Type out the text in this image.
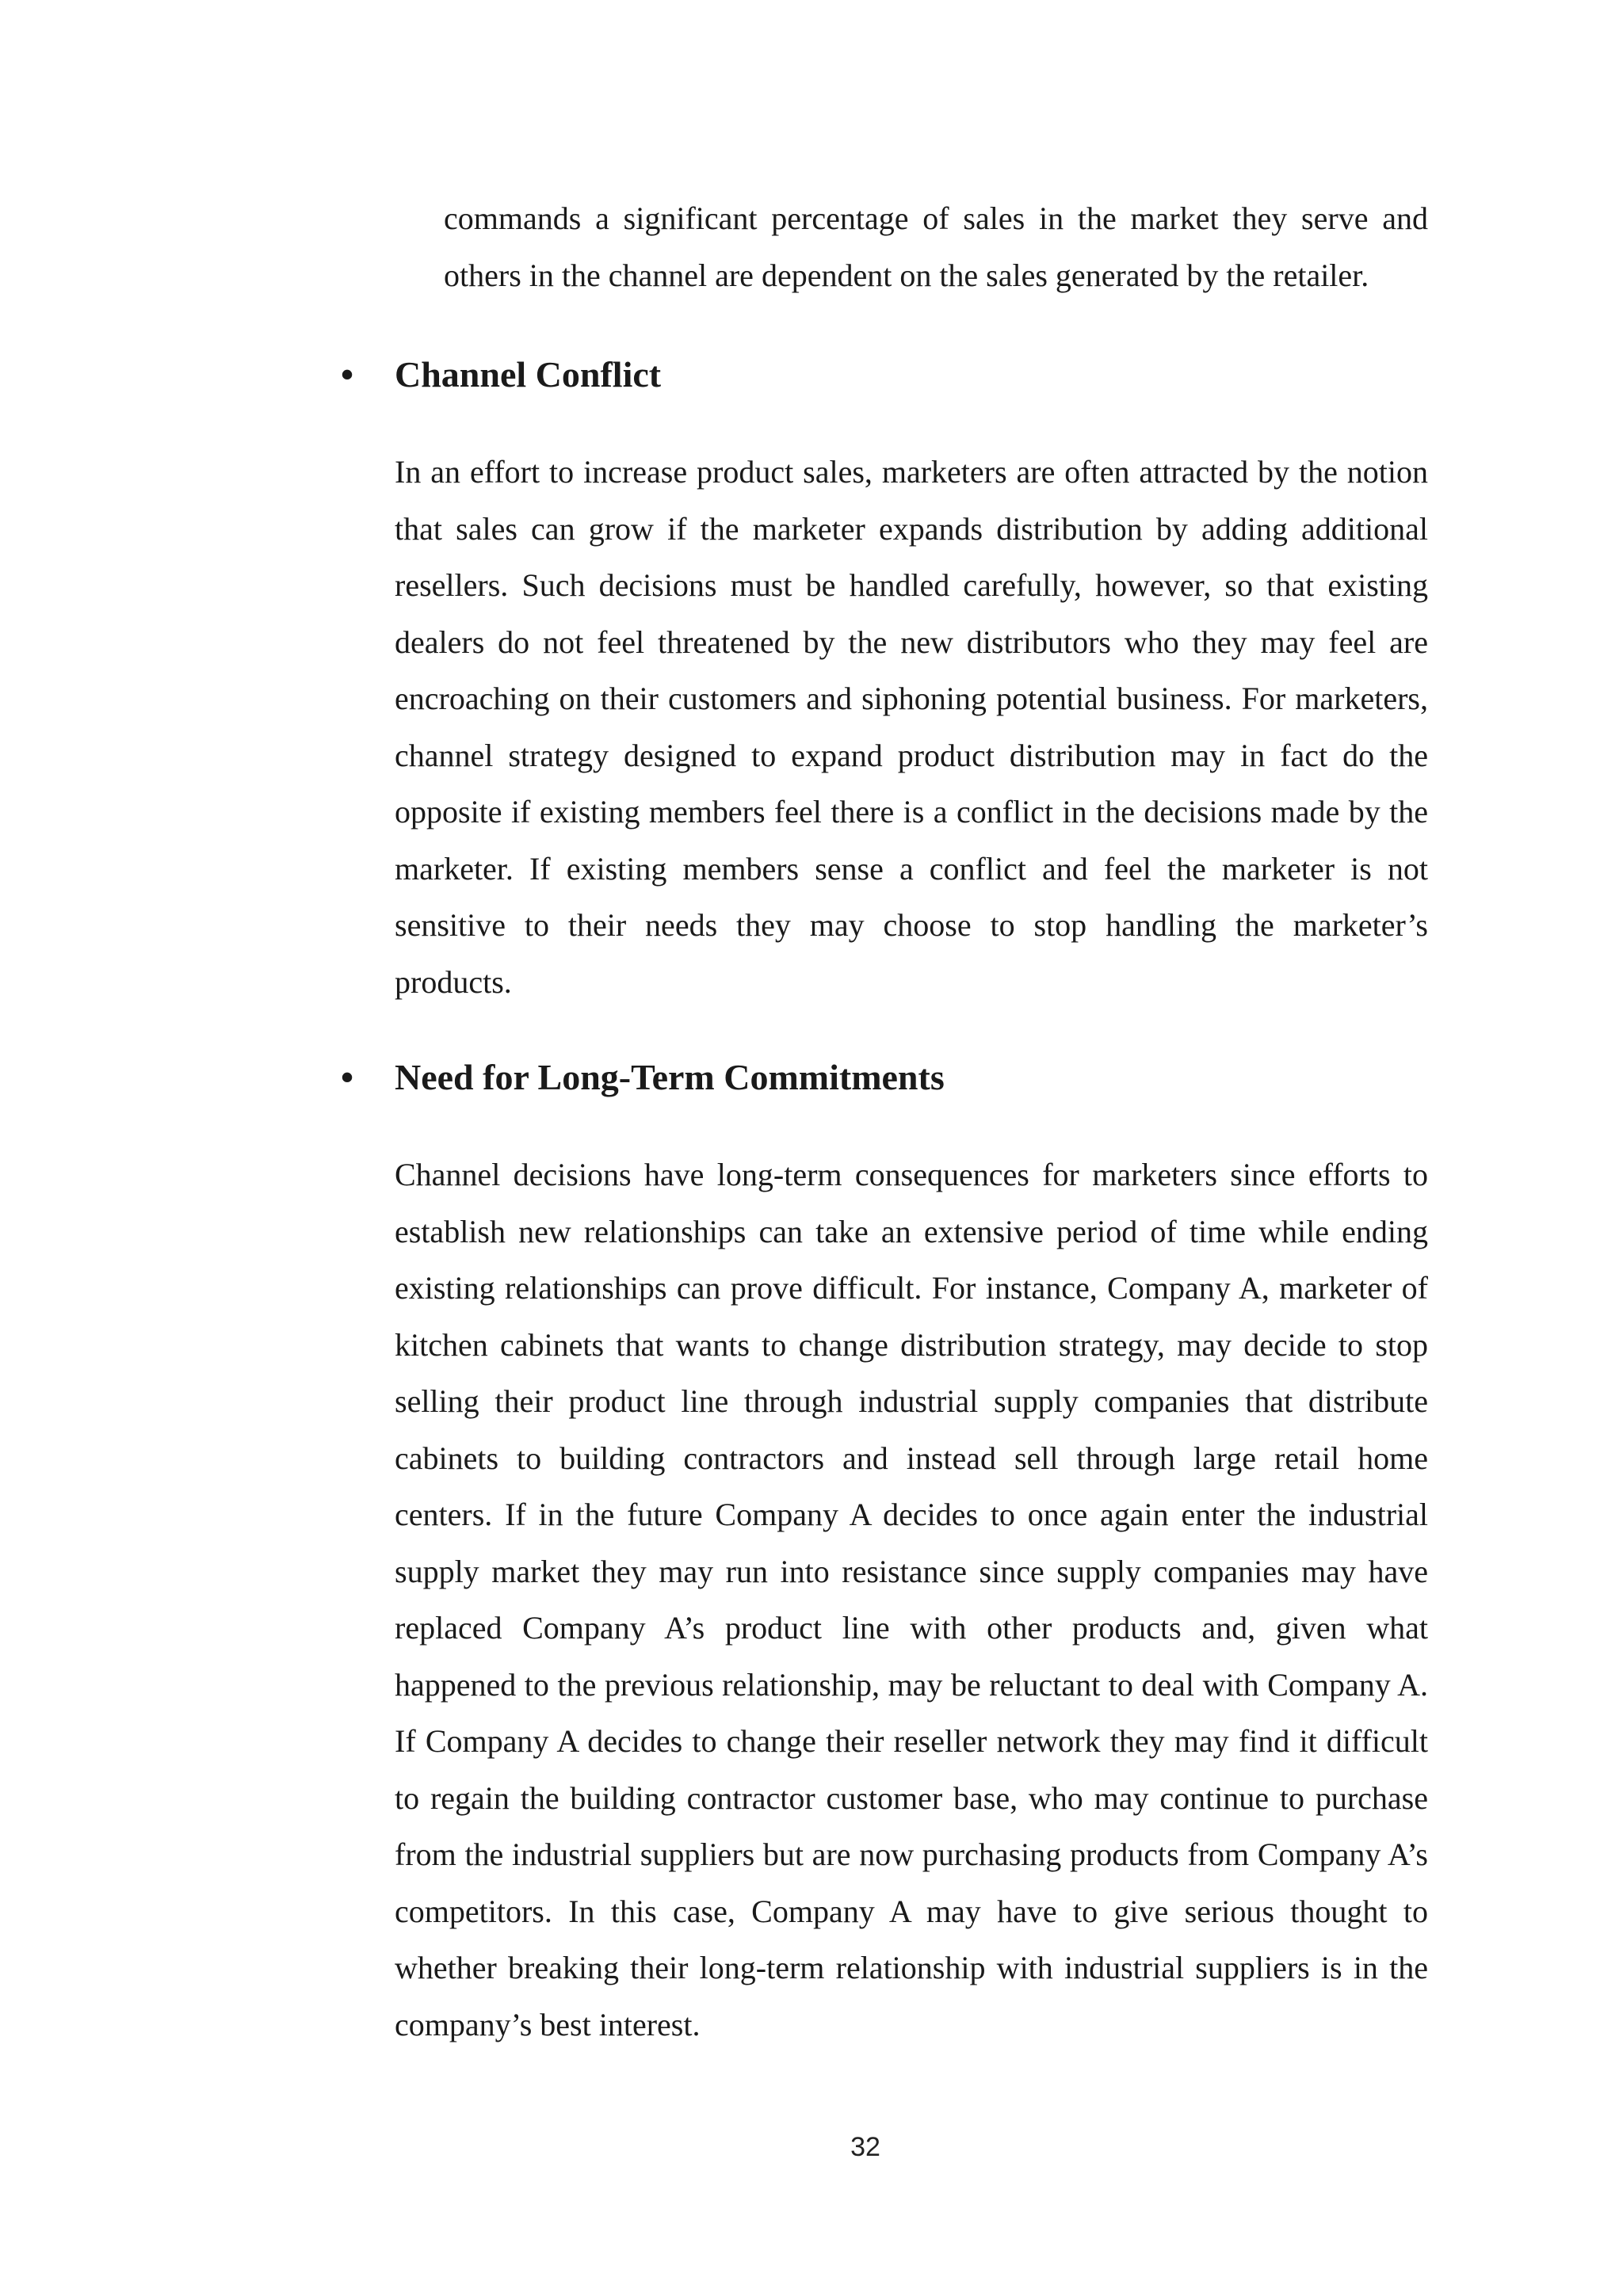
commands a significant percentage of sales in the market they serve and others in the channel are dependent on the sales generated by the retailer.

• Channel Conflict

In an effort to increase product sales, marketers are often attracted by the notion that sales can grow if the marketer expands distribution by adding additional resellers. Such decisions must be handled carefully, however, so that existing dealers do not feel threatened by the new distributors who they may feel are encroaching on their customers and siphoning potential business. For marketers, channel strategy designed to expand product distribution may in fact do the opposite if existing members feel there is a conflict in the decisions made by the marketer. If existing members sense a conflict and feel the marketer is not sensitive to their needs they may choose to stop handling the marketer’s products.

• Need for Long-Term Commitments

Channel decisions have long-term consequences for marketers since efforts to establish new relationships can take an extensive period of time while ending existing relationships can prove difficult. For instance, Company A, marketer of kitchen cabinets that wants to change distribution strategy, may decide to stop selling their product line through industrial supply companies that distribute cabinets to building contractors and instead sell through large retail home centers. If in the future Company A decides to once again enter the industrial supply market they may run into resistance since supply companies may have replaced Company A’s product line with other products and, given what happened to the previous relationship, may be reluctant to deal with Company A. If Company A decides to change their reseller network they may find it difficult to regain the building contractor customer base, who may continue to purchase from the industrial suppliers but are now purchasing products from Company A’s competitors. In this case, Company A may have to give serious thought to whether breaking their long-term relationship with industrial suppliers is in the company’s best interest.

32
